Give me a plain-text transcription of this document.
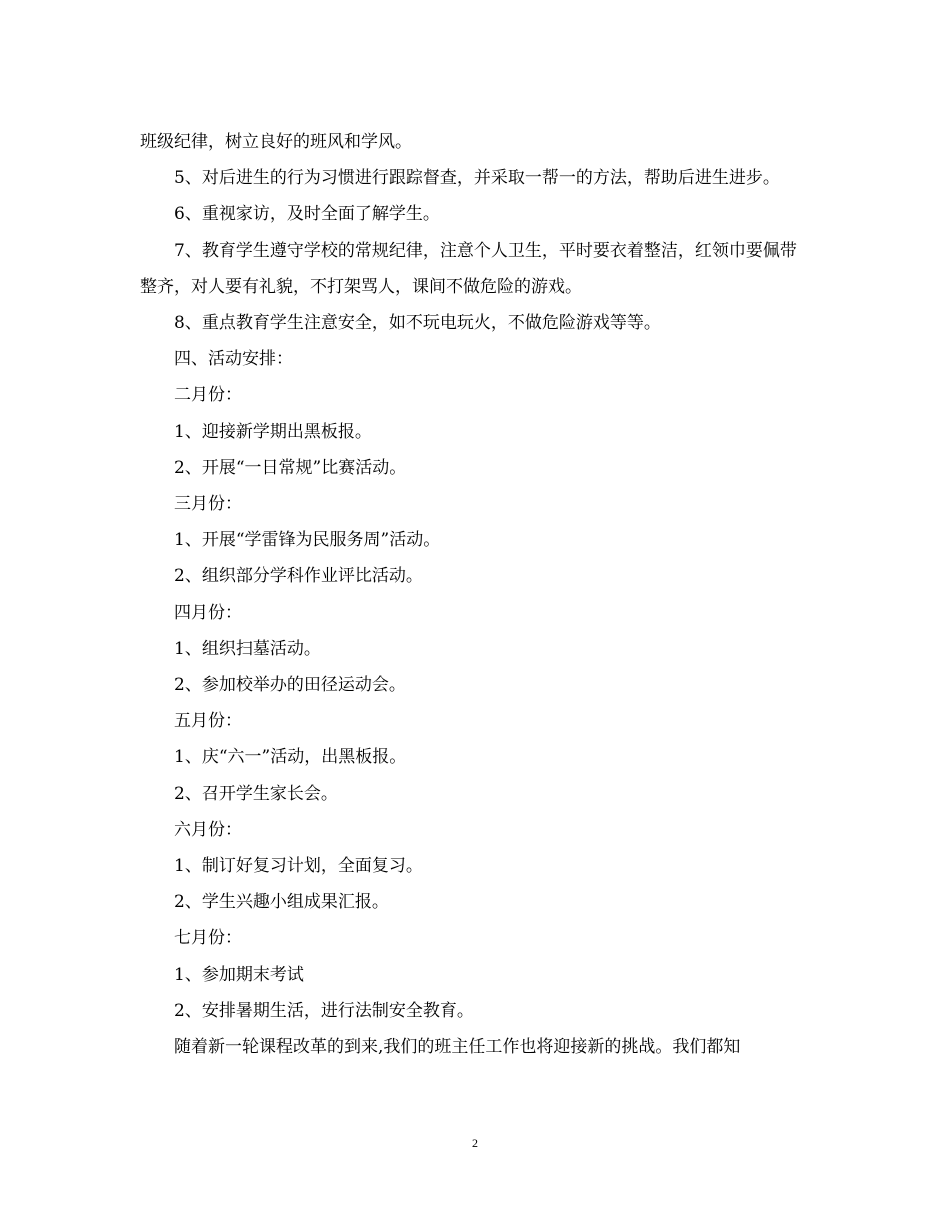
班级纪律，树立良好的班风和学风。

5、对后进生的行为习惯进行跟踪督查，并采取一帮一的方法，帮助后进生进步。

6、重视家访，及时全面了解学生。

7、教育学生遵守学校的常规纪律，注意个人卫生，平时要衣着整洁，红领巾要佩带整齐，对人要有礼貌，不打架骂人，课间不做危险的游戏。

8、重点教育学生注意安全，如不玩电玩火，不做危险游戏等等。

四、活动安排：

二月份：

1、迎接新学期出黑板报。

2、开展“一日常规”比赛活动。

三月份：

1、开展“学雷锋为民服务周”活动。

2、组织部分学科作业评比活动。

四月份：

1、组织扫墓活动。

2、参加校举办的田径运动会。

五月份：

1、庆“六一”活动，出黑板报。

2、召开学生家长会。

六月份：

1、制订好复习计划，全面复习。

2、学生兴趣小组成果汇报。

七月份：

1、参加期末考试

2、安排暑期生活，进行法制安全教育。

随着新一轮课程改革的到来,我们的班主任工作也将迎接新的挑战。我们都知

2
